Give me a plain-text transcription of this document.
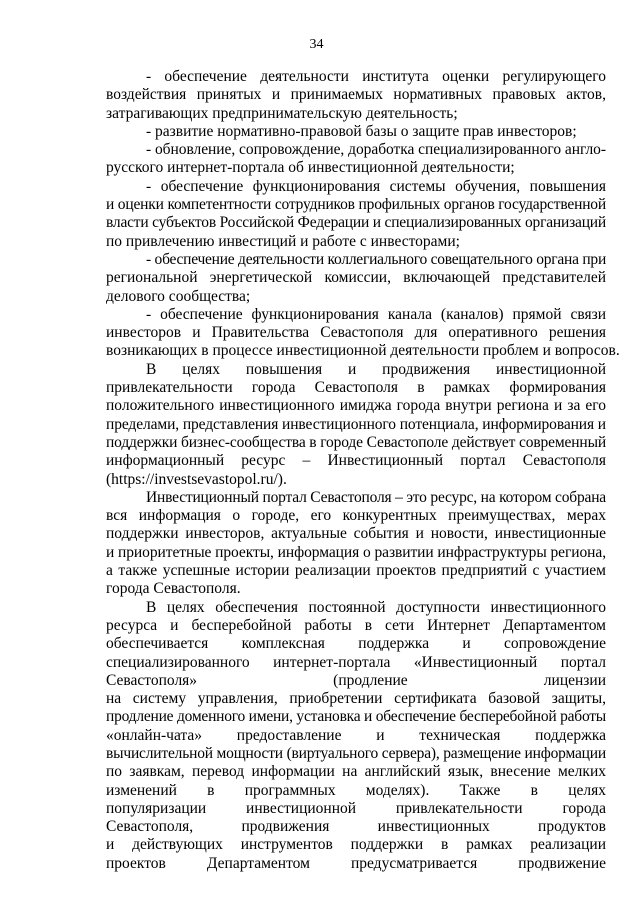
34
- обеспечение деятельности института оценки регулирующего
воздействия принятых и принимаемых нормативных правовых актов,
затрагивающих предпринимательскую деятельность;
- развитие нормативно-правовой базы о защите прав инвесторов;
- обновление, сопровождение, доработка специализированного англо-
русского интернет-портала об инвестиционной деятельности;
- обеспечение функционирования системы обучения, повышения
и оценки компетентности сотрудников профильных органов государственной
власти субъектов Российской Федерации и специализированных организаций
по привлечению инвестиций и работе с инвесторами;
- обеспечение деятельности коллегиального совещательного органа при
региональной энергетической комиссии, включающей представителей
делового сообщества;
- обеспечение функционирования канала (каналов) прямой связи
инвесторов и Правительства Севастополя для оперативного решения
возникающих в процессе инвестиционной деятельности проблем и вопросов.
В целях повышения и продвижения инвестиционной
привлекательности города Севастополя в рамках формирования
положительного инвестиционного имиджа города внутри региона и за его
пределами, представления инвестиционного потенциала, информирования и
поддержки бизнес-сообщества в городе Севастополе действует современный
информационный ресурс – Инвестиционный портал Севастополя
(https://investsevastopol.ru/).
Инвестиционный портал Севастополя – это ресурс, на котором собрана
вся информация о городе, его конкурентных преимуществах, мерах
поддержки инвесторов, актуальные события и новости, инвестиционные
и приоритетные проекты, информация о развитии инфраструктуры региона,
а также успешные истории реализации проектов предприятий с участием
города Севастополя.
В целях обеспечения постоянной доступности инвестиционного
ресурса и бесперебойной работы в сети Интернет Департаментом
обеспечивается комплексная поддержка и сопровождение
специализированного интернет-портала «Инвестиционный портал
Севастополя» (продление лицензии
на систему управления, приобретении сертификата базовой защиты,
продление доменного имени, установка и обеспечение бесперебойной работы
«онлайн-чата» предоставление и техническая поддержка
вычислительной мощности (виртуального сервера), размещение информации
по заявкам, перевод информации на английский язык, внесение мелких
изменений в программных моделях). Также в целях
популяризации инвестиционной привлекательности города
Севастополя, продвижения инвестиционных продуктов
и действующих инструментов поддержки в рамках реализации
проектов Департаментом предусматривается продвижение
